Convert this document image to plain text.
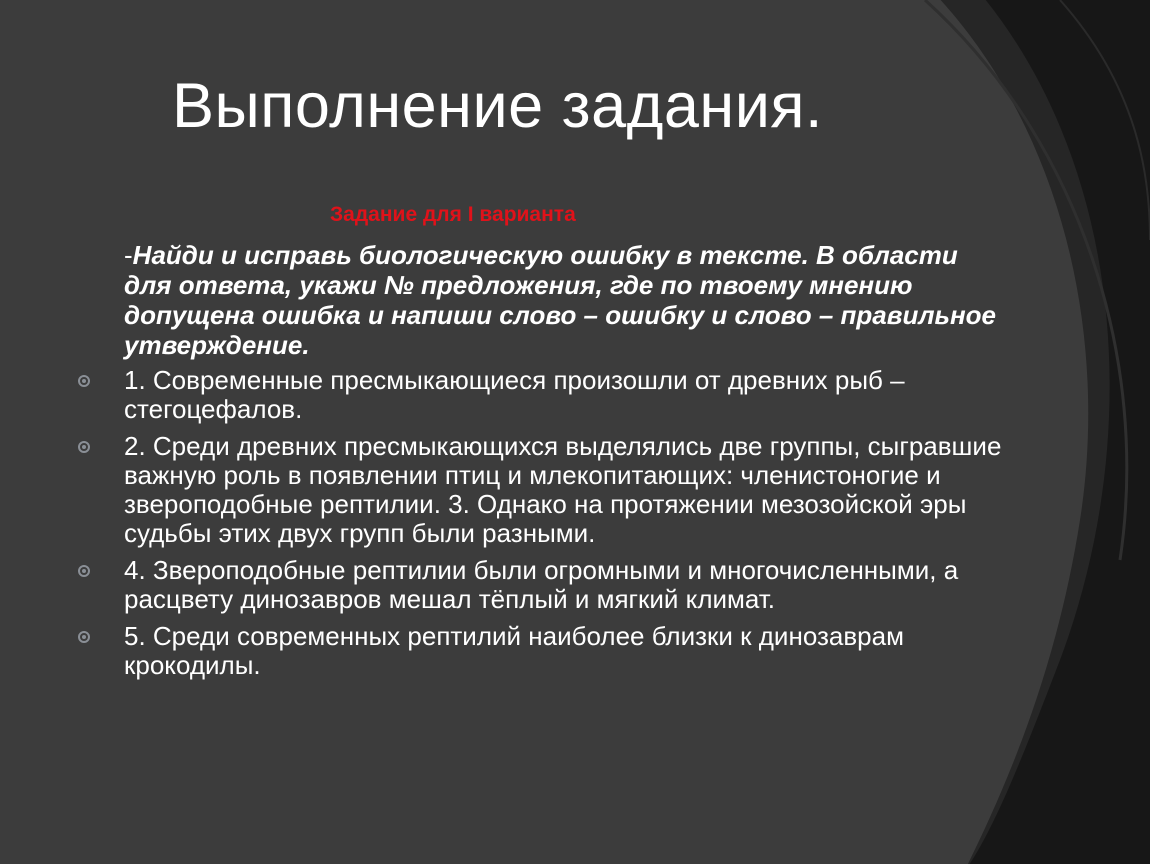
Выполнение задания.
Задание для I варианта
-Найди и исправь биологическую ошибку в тексте. В области для ответа, укажи № предложения, где по твоему мнению допущена ошибка и напиши слово – ошибку и слово – правильное утверждение.
1. Современные пресмыкающиеся произошли от древних рыб – стегоцефалов.
2. Среди древних пресмыкающихся выделялись две группы, сыгравшие важную роль в появлении птиц и млекопитающих: членистоногие и звероподобные рептилии. 3. Однако на протяжении мезозойской эры судьбы этих двух групп были разными.
4. Звероподобные рептилии были огромными и многочисленными, а расцвету динозавров мешал тёплый и мягкий климат.
5. Среди современных рептилий наиболее близки к динозаврам крокодилы.
